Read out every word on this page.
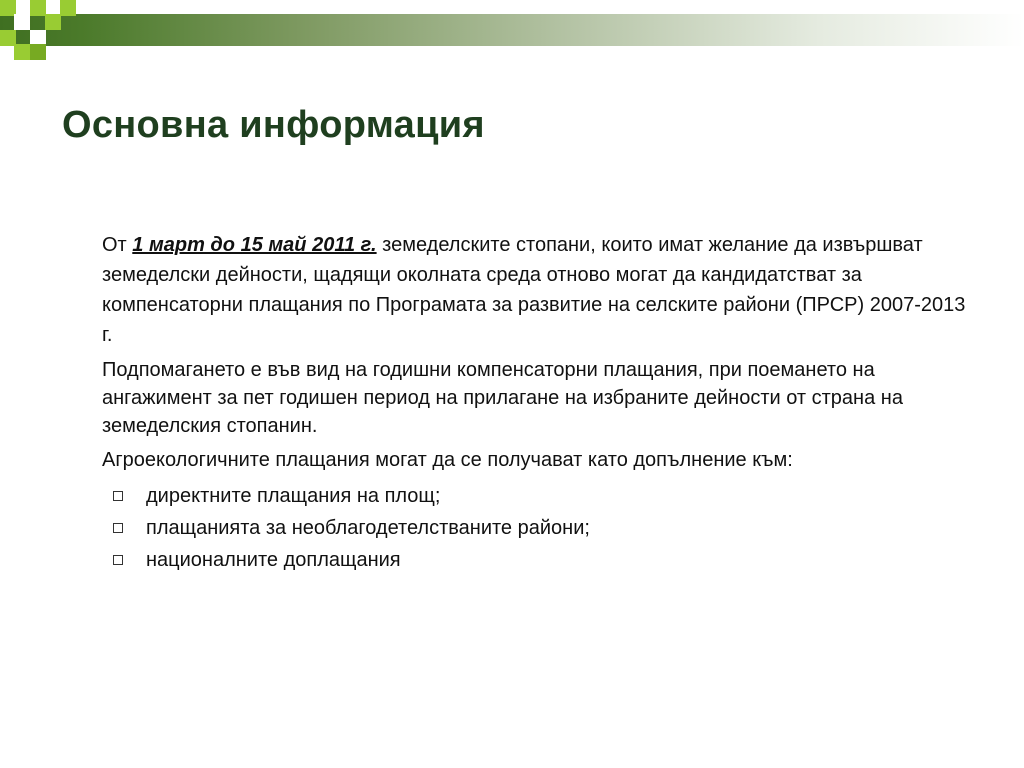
Основна информация

От 1 март до 15 май 2011 г. земеделските стопани, които имат желание да извършват земеделски дейности, щадящи околната среда отново могат да кандидатстват за компенсаторни плащания по Програмата за развитие на селските райони (ПРСР) 2007-2013 г.

Подпомагането е във вид на годишни компенсаторни плащания, при поемането на ангажимент за пет годишен период на прилагане на избраните дейности от страна на земеделския стопанин.

Агроекологичните плащания могат да се получават като допълнение към:

директните плащания на площ;
плащанията за необлагодетелстваните райони;
националните доплащания
